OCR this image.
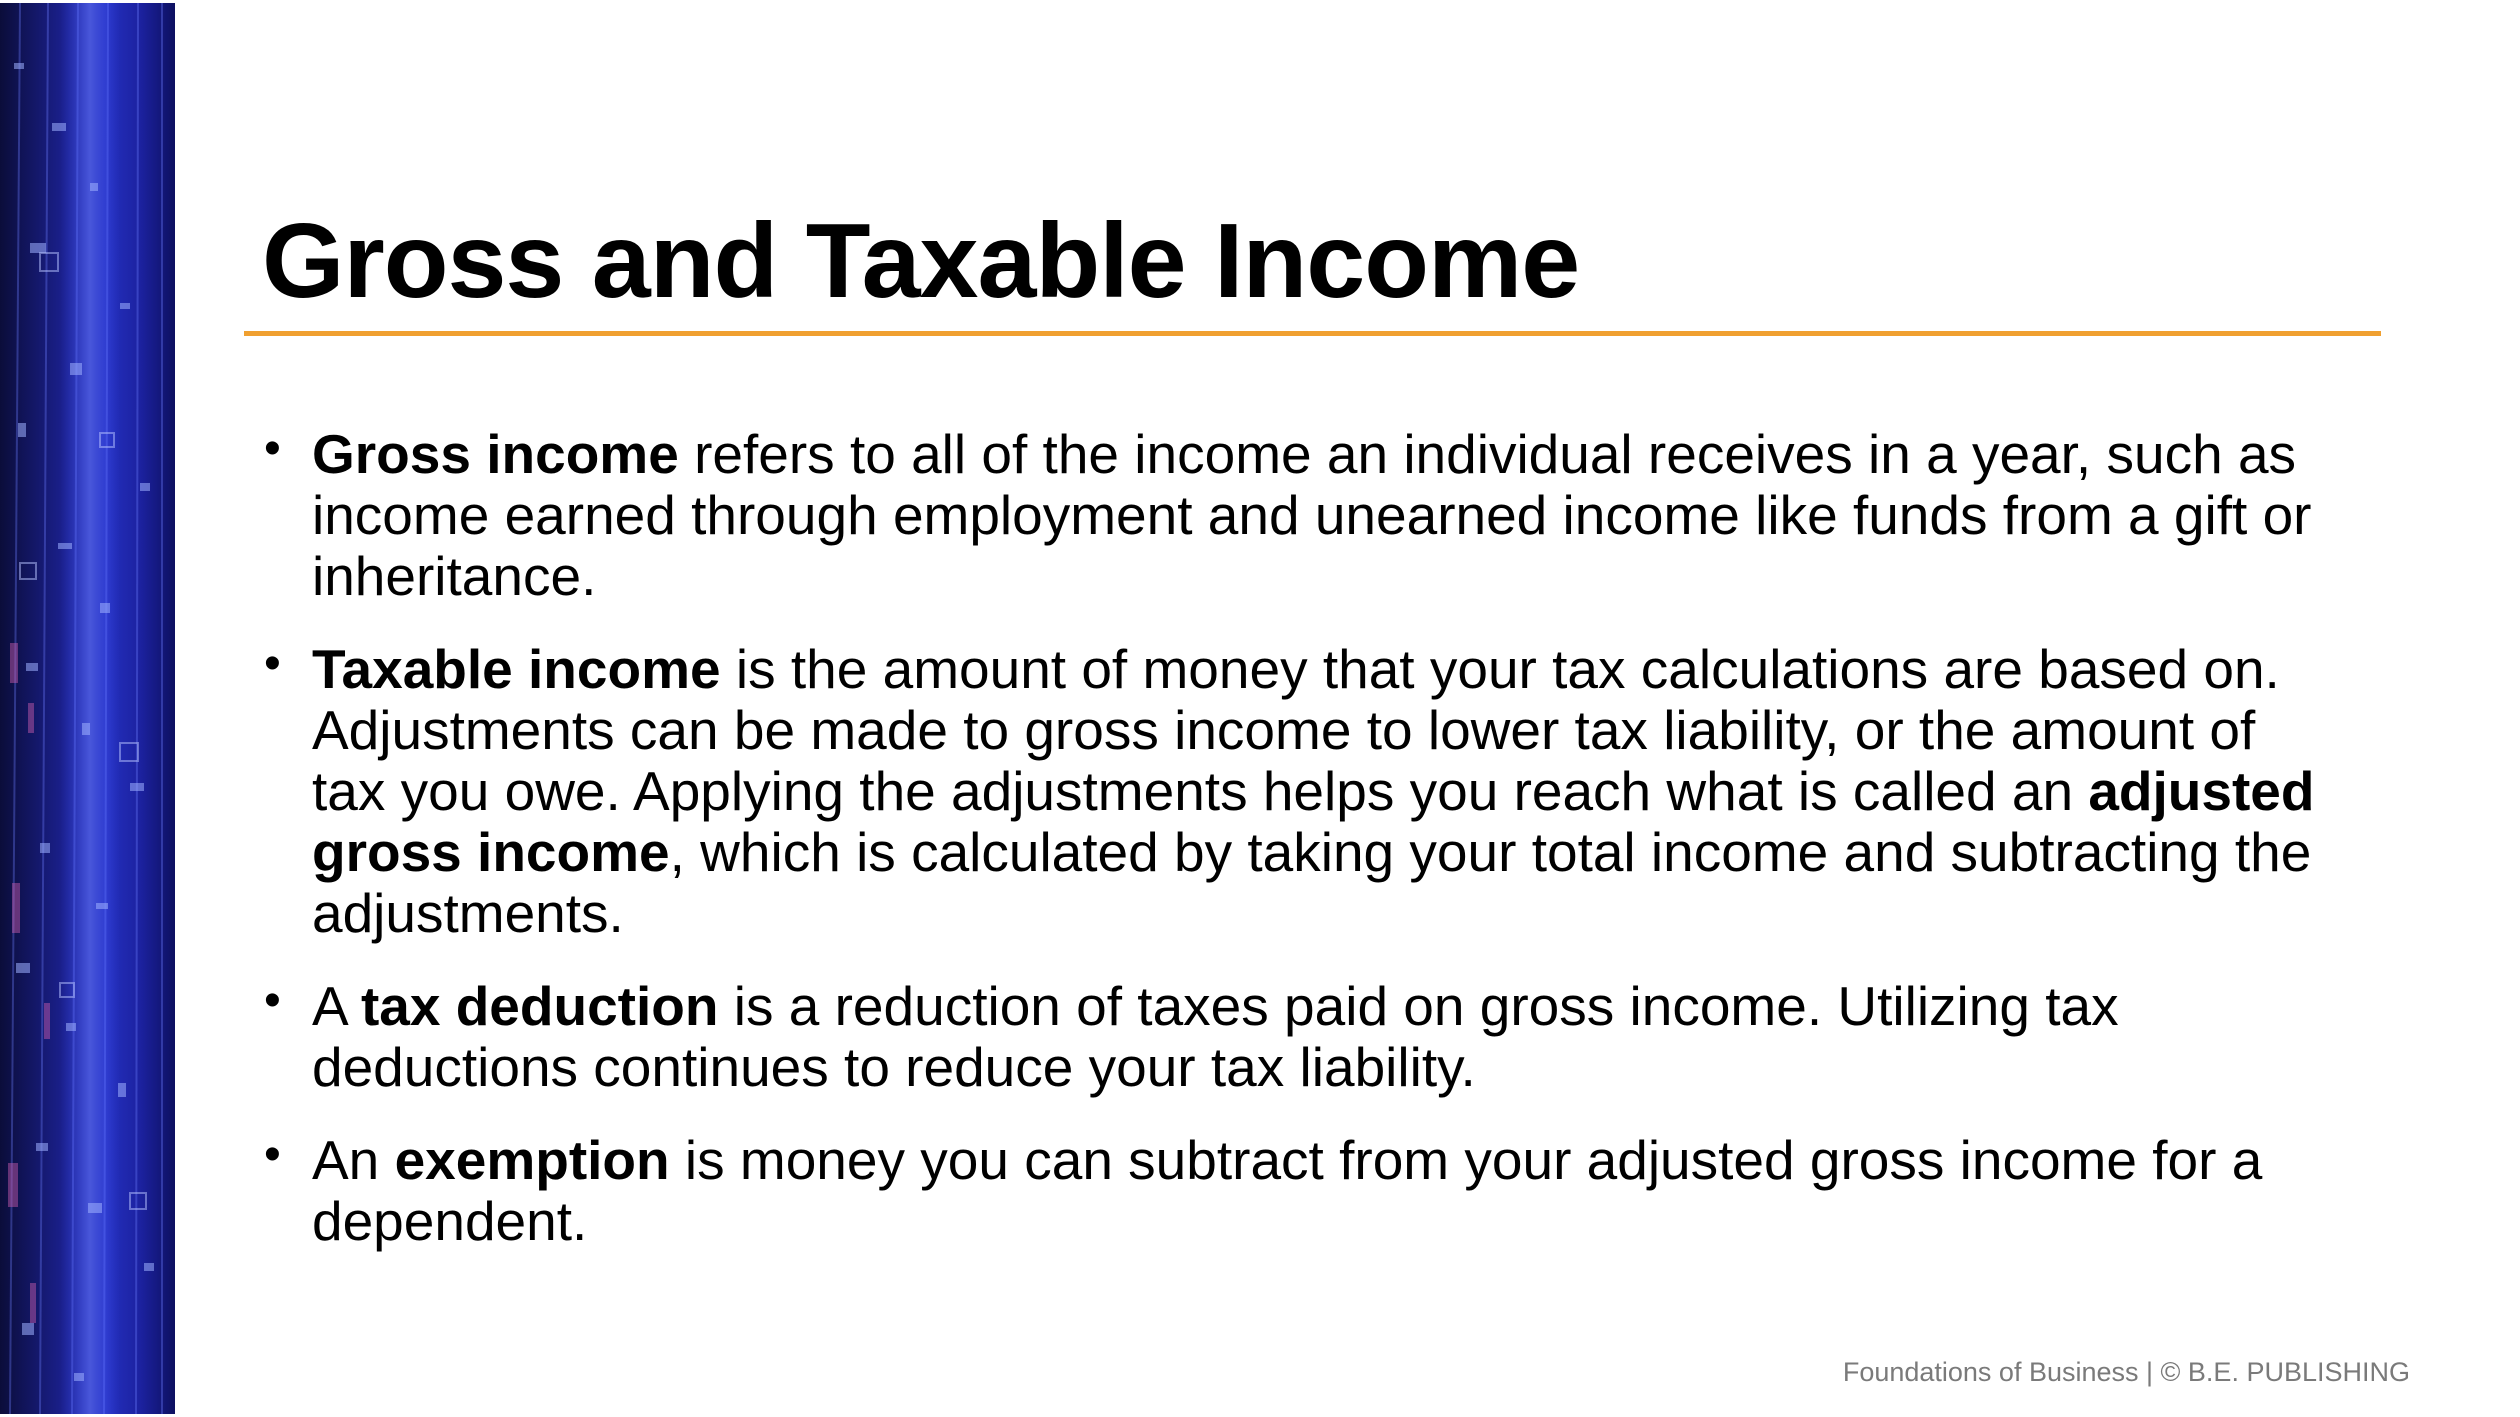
Gross and Taxable Income
• Gross income refers to all of the income an individual receives in a year, such as income earned through employment and unearned income like funds from a gift or inheritance.
• Taxable income is the amount of money that your tax calculations are based on. Adjustments can be made to gross income to lower tax liability, or the amount of tax you owe. Applying the adjustments helps you reach what is called an adjusted gross income, which is calculated by taking your total income and subtracting the adjustments.
• A tax deduction is a reduction of taxes paid on gross income. Utilizing tax deductions continues to reduce your tax liability.
• An exemption is money you can subtract from your adjusted gross income for a dependent.
Foundations of Business | © B.E. PUBLISHING
